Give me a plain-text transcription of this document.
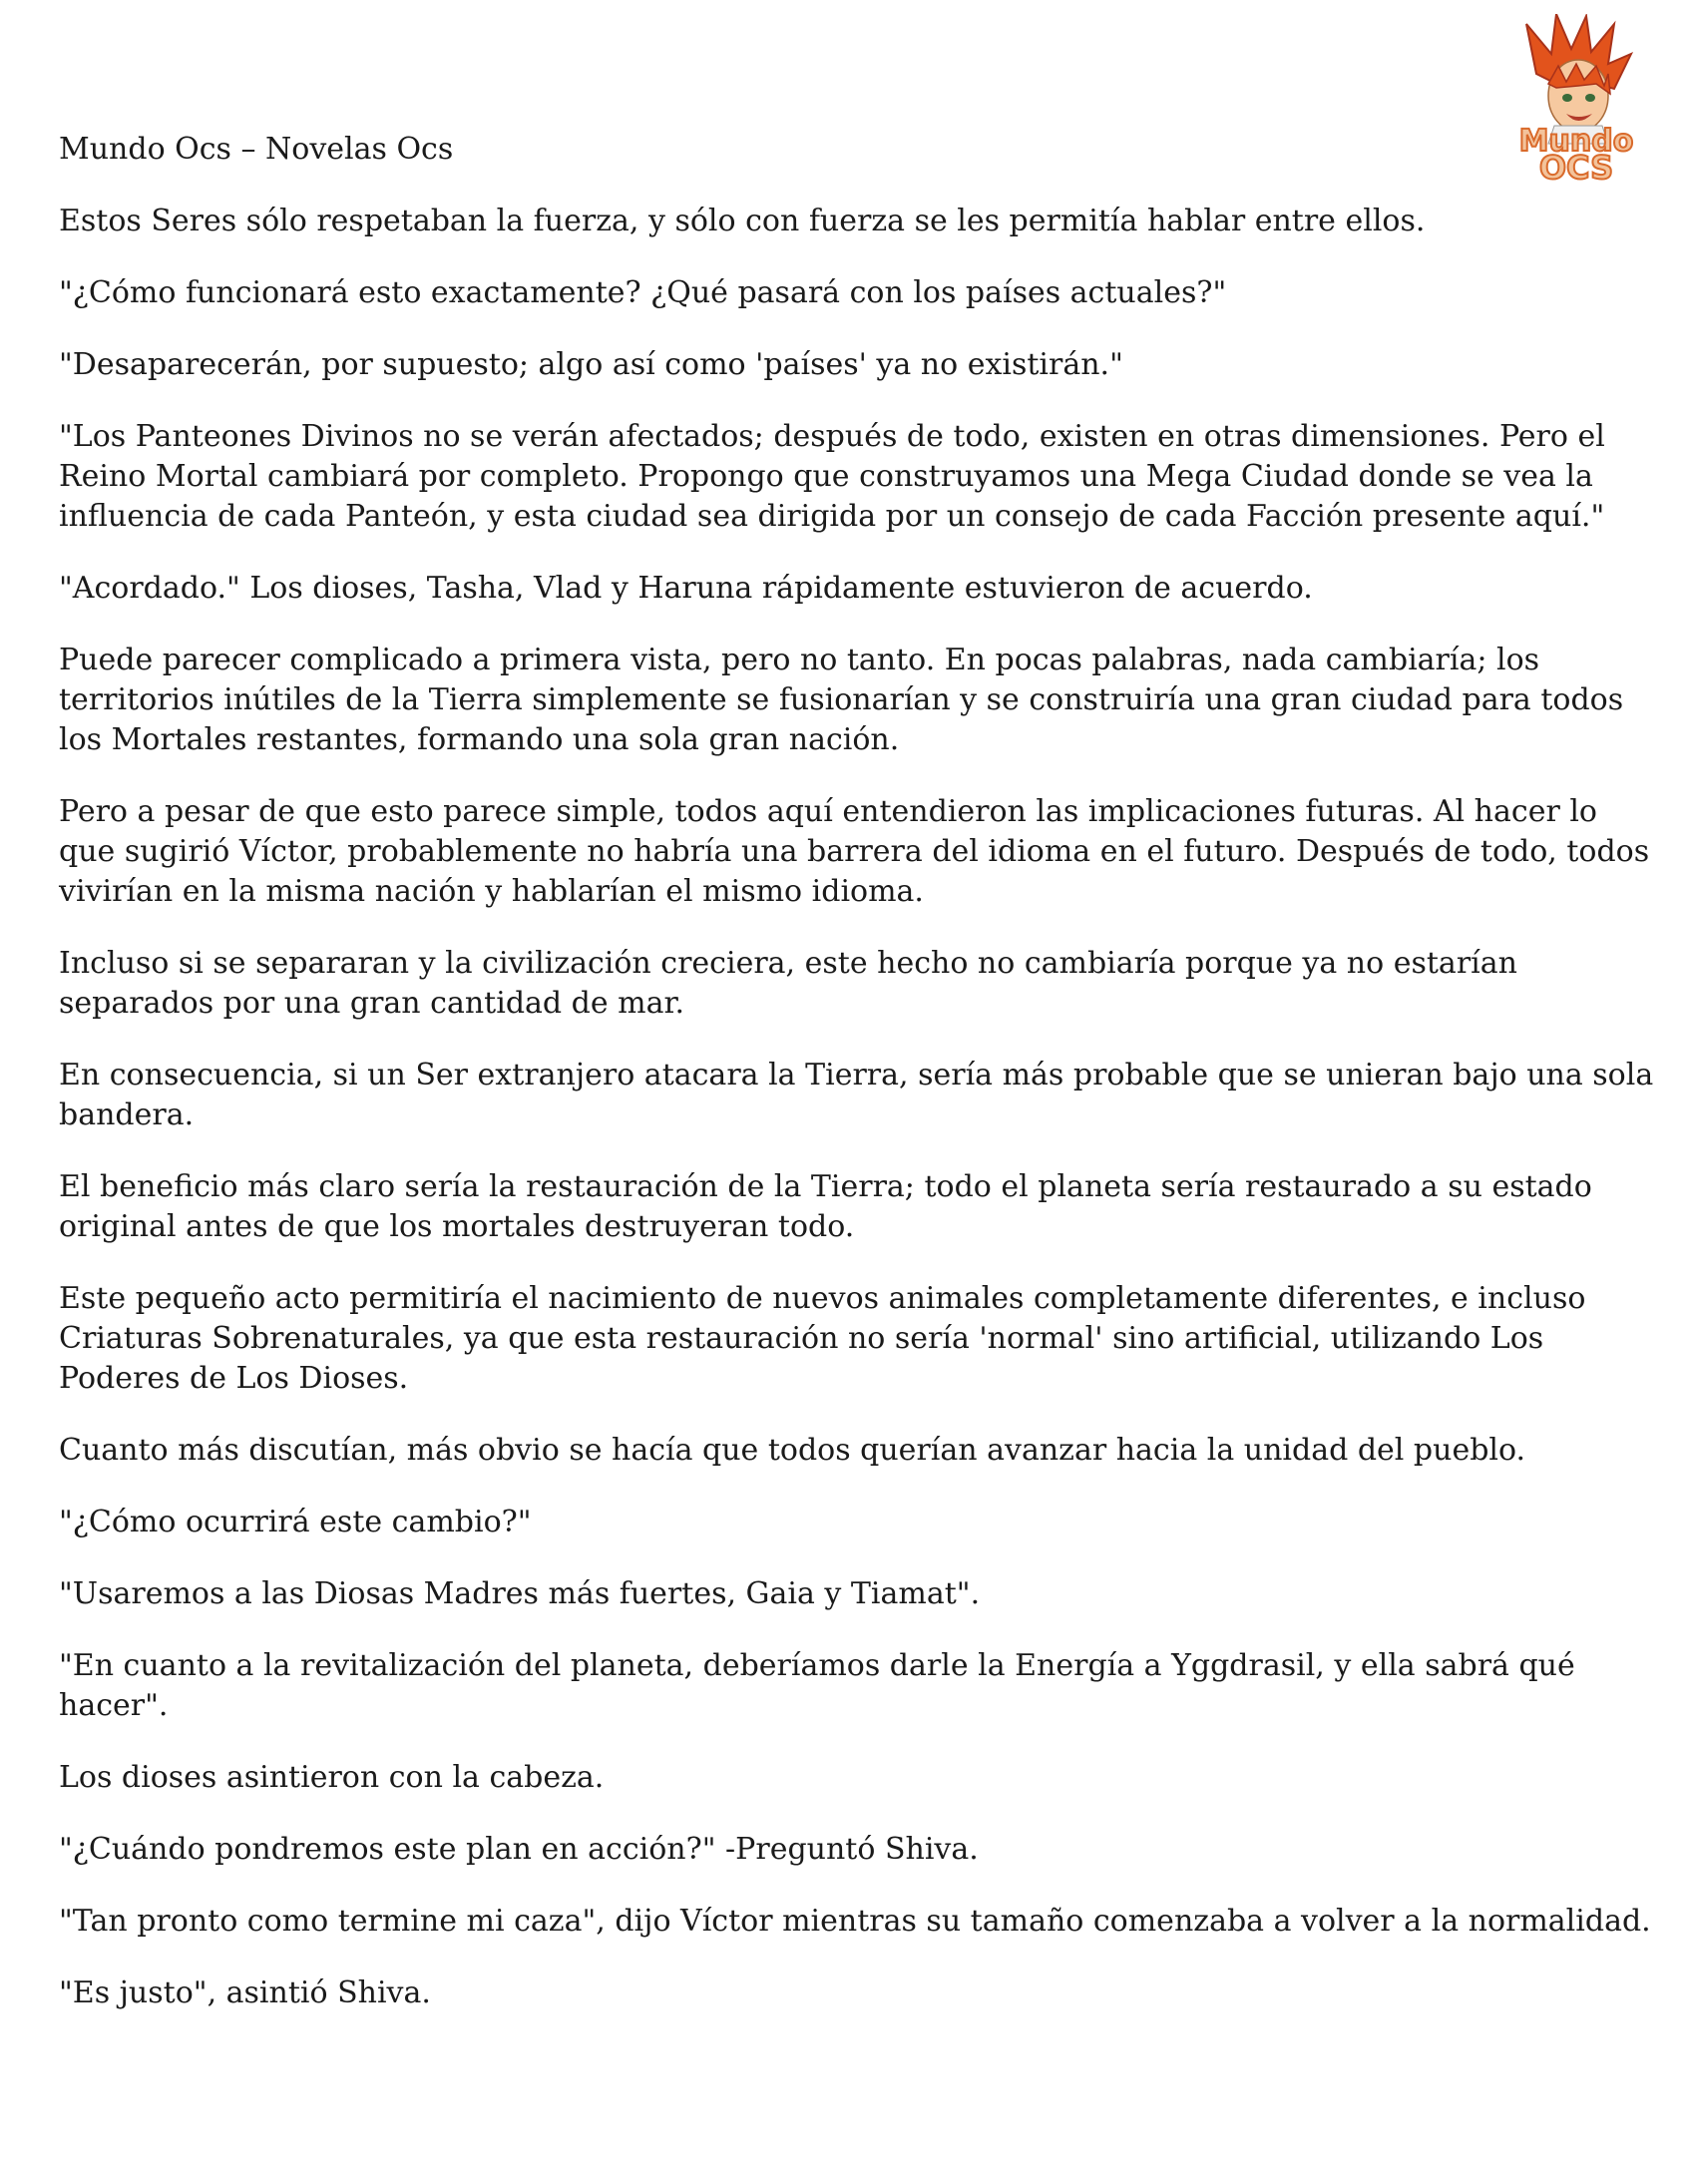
Mundo
OCS

Mundo Ocs – Novelas Ocs

Estos Seres sólo respetaban la fuerza, y sólo con fuerza se les permitía hablar entre ellos.

"¿Cómo funcionará esto exactamente? ¿Qué pasará con los países actuales?"

"Desaparecerán, por supuesto; algo así como 'países' ya no existirán."

"Los Panteones Divinos no se verán afectados; después de todo, existen en otras dimensiones. Pero el Reino Mortal cambiará por completo. Propongo que construyamos una Mega Ciudad donde se vea la influencia de cada Panteón, y esta ciudad sea dirigida por un consejo de cada Facción presente aquí."

"Acordado." Los dioses, Tasha, Vlad y Haruna rápidamente estuvieron de acuerdo.

Puede parecer complicado a primera vista, pero no tanto. En pocas palabras, nada cambiaría; los territorios inútiles de la Tierra simplemente se fusionarían y se construiría una gran ciudad para todos los Mortales restantes, formando una sola gran nación.

Pero a pesar de que esto parece simple, todos aquí entendieron las implicaciones futuras. Al hacer lo que sugirió Víctor, probablemente no habría una barrera del idioma en el futuro. Después de todo, todos vivirían en la misma nación y hablarían el mismo idioma.

Incluso si se separaran y la civilización creciera, este hecho no cambiaría porque ya no estarían separados por una gran cantidad de mar.

En consecuencia, si un Ser extranjero atacara la Tierra, sería más probable que se unieran bajo una sola bandera.

El beneficio más claro sería la restauración de la Tierra; todo el planeta sería restaurado a su estado original antes de que los mortales destruyeran todo.

Este pequeño acto permitiría el nacimiento de nuevos animales completamente diferentes, e incluso Criaturas Sobrenaturales, ya que esta restauración no sería 'normal' sino artificial, utilizando Los Poderes de Los Dioses.

Cuanto más discutían, más obvio se hacía que todos querían avanzar hacia la unidad del pueblo.

"¿Cómo ocurrirá este cambio?"

"Usaremos a las Diosas Madres más fuertes, Gaia y Tiamat".

"En cuanto a la revitalización del planeta, deberíamos darle la Energía a Yggdrasil, y ella sabrá qué hacer".

Los dioses asintieron con la cabeza.

"¿Cuándo pondremos este plan en acción?" -Preguntó Shiva.

"Tan pronto como termine mi caza", dijo Víctor mientras su tamaño comenzaba a volver a la normalidad.

"Es justo", asintió Shiva.
